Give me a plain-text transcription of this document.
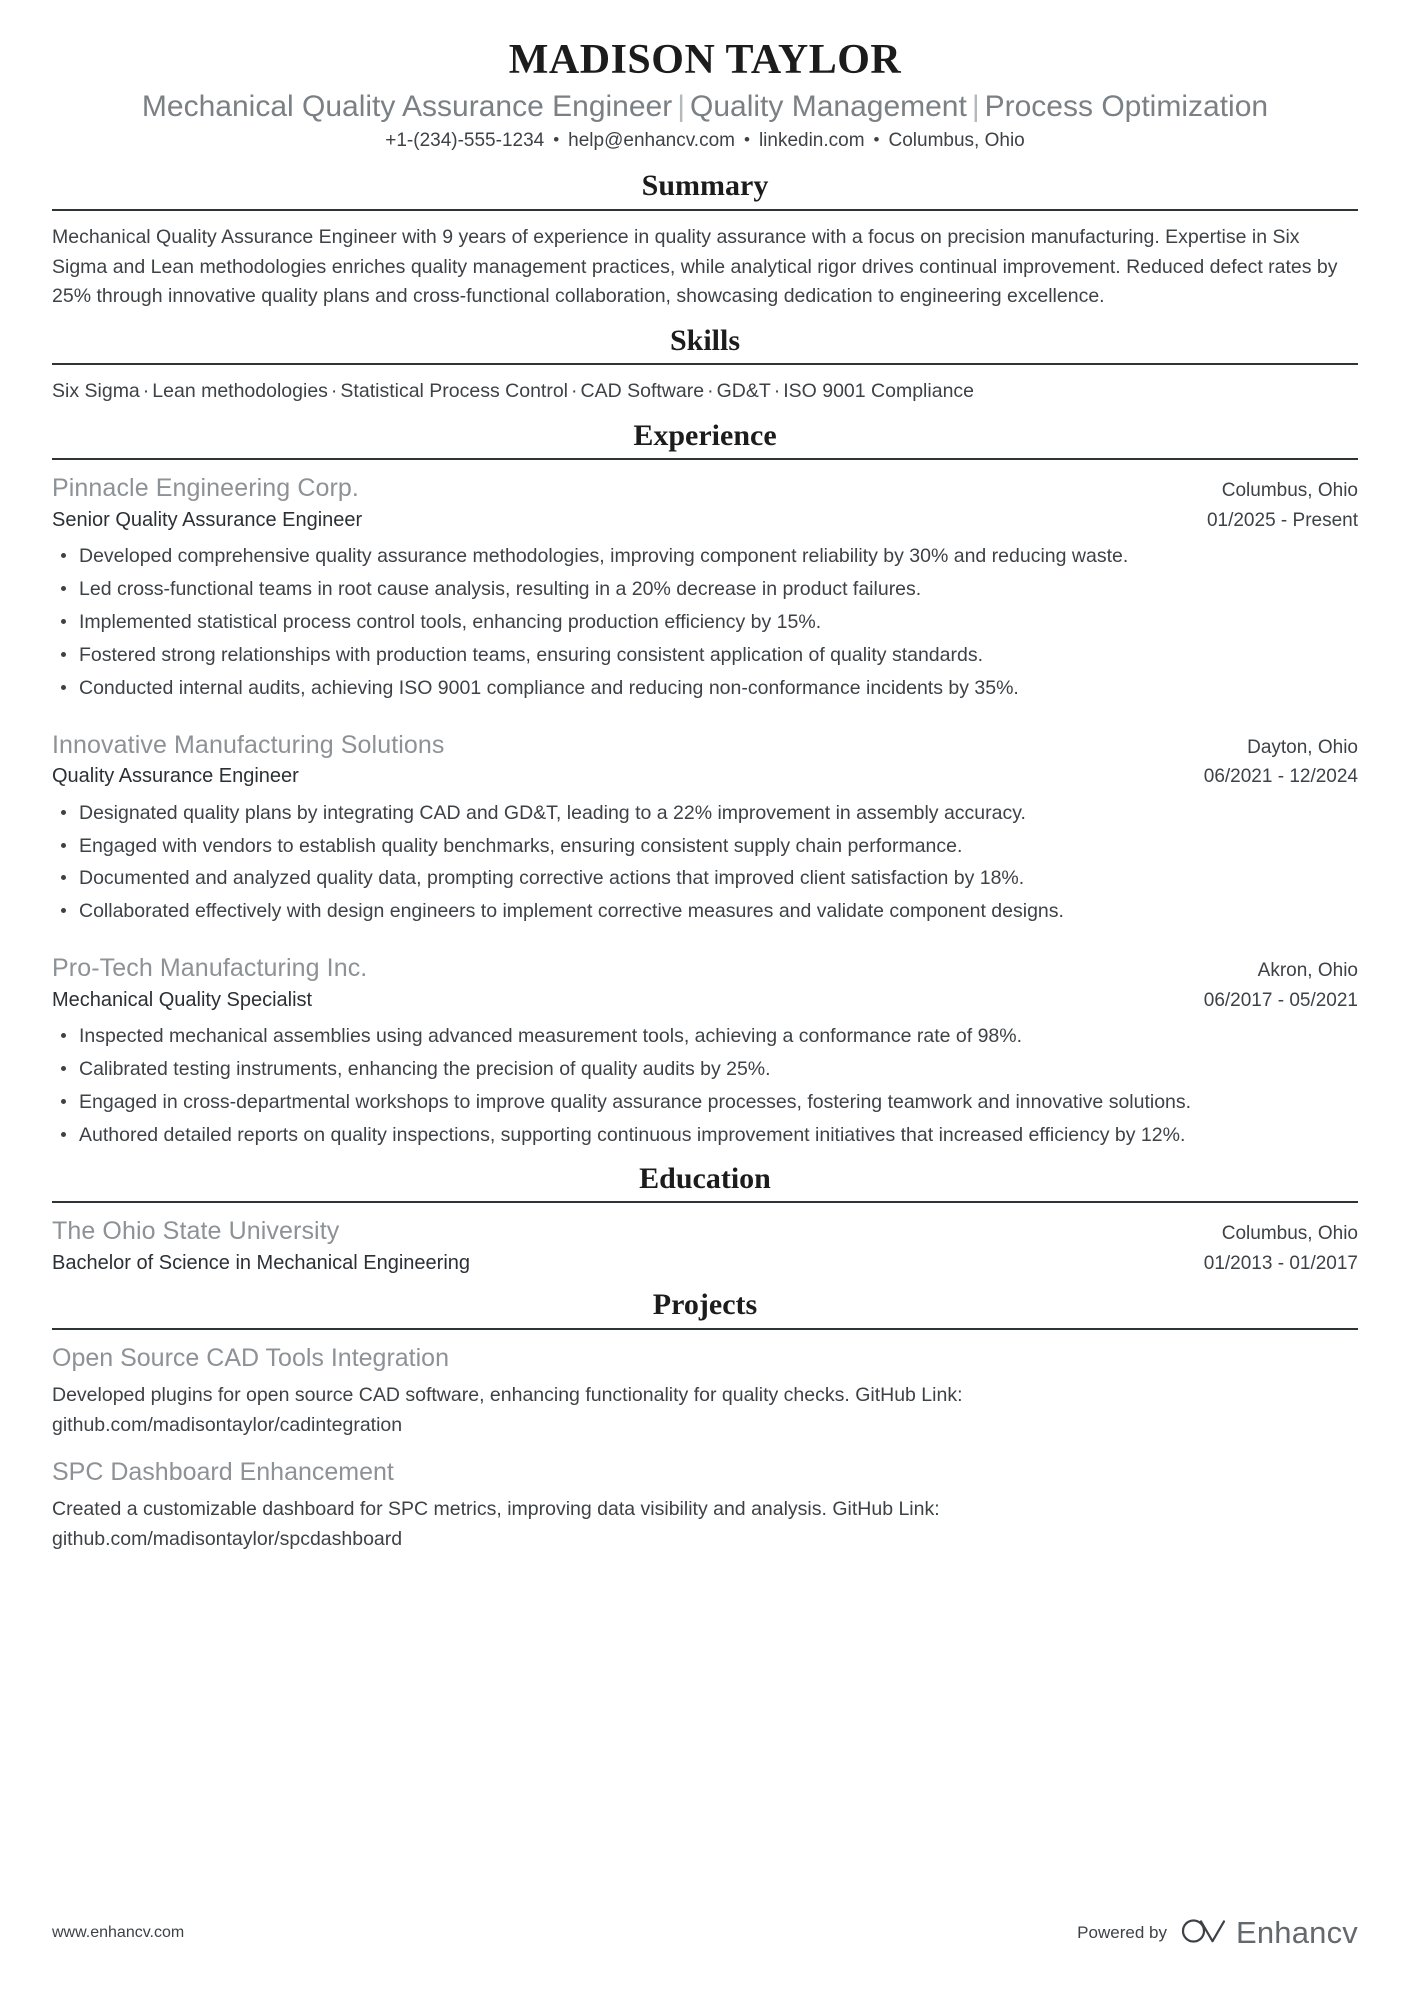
MADISON TAYLOR
Mechanical Quality Assurance Engineer | Quality Management | Process Optimization
+1-(234)-555-1234 • help@enhancv.com • linkedin.com • Columbus, Ohio
Summary

Mechanical Quality Assurance Engineer with 9 years of experience in quality assurance with a focus on precision manufacturing. Expertise in Six Sigma and Lean methodologies enriches quality management practices, while analytical rigor drives continual improvement. Reduced defect rates by 25% through innovative quality plans and cross-functional collaboration, showcasing dedication to engineering excellence.

Skills

Six Sigma · Lean methodologies · Statistical Process Control · CAD Software · GD&T · ISO 9001 Compliance

Experience
Pinnacle Engineering Corp.	Columbus, Ohio
Senior Quality Assurance Engineer	01/2025 - Present
Developed comprehensive quality assurance methodologies, improving component reliability by 30% and reducing waste.
Led cross-functional teams in root cause analysis, resulting in a 20% decrease in product failures.
Implemented statistical process control tools, enhancing production efficiency by 15%.
Fostered strong relationships with production teams, ensuring consistent application of quality standards.
Conducted internal audits, achieving ISO 9001 compliance and reducing non-conformance incidents by 35%.
Innovative Manufacturing Solutions	Dayton, Ohio
Quality Assurance Engineer	06/2021 - 12/2024
Designated quality plans by integrating CAD and GD&T, leading to a 22% improvement in assembly accuracy.
Engaged with vendors to establish quality benchmarks, ensuring consistent supply chain performance.
Documented and analyzed quality data, prompting corrective actions that improved client satisfaction by 18%.
Collaborated effectively with design engineers to implement corrective measures and validate component designs.
Pro-Tech Manufacturing Inc.	Akron, Ohio
Mechanical Quality Specialist	06/2017 - 05/2021
Inspected mechanical assemblies using advanced measurement tools, achieving a conformance rate of 98%.
Calibrated testing instruments, enhancing the precision of quality audits by 25%.
Engaged in cross-departmental workshops to improve quality assurance processes, fostering teamwork and innovative solutions.
Authored detailed reports on quality inspections, supporting continuous improvement initiatives that increased efficiency by 12%.
Education
The Ohio State University	Columbus, Ohio
Bachelor of Science in Mechanical Engineering	01/2013 - 01/2017
Projects
Open Source CAD Tools Integration
Developed plugins for open source CAD software, enhancing functionality for quality checks. GitHub Link: github.com/madisontaylor/cadintegration
SPC Dashboard Enhancement
Created a customizable dashboard for SPC metrics, improving data visibility and analysis. GitHub Link: github.com/madisontaylor/spcdashboard
www.enhancv.com	Powered by Enhancv
